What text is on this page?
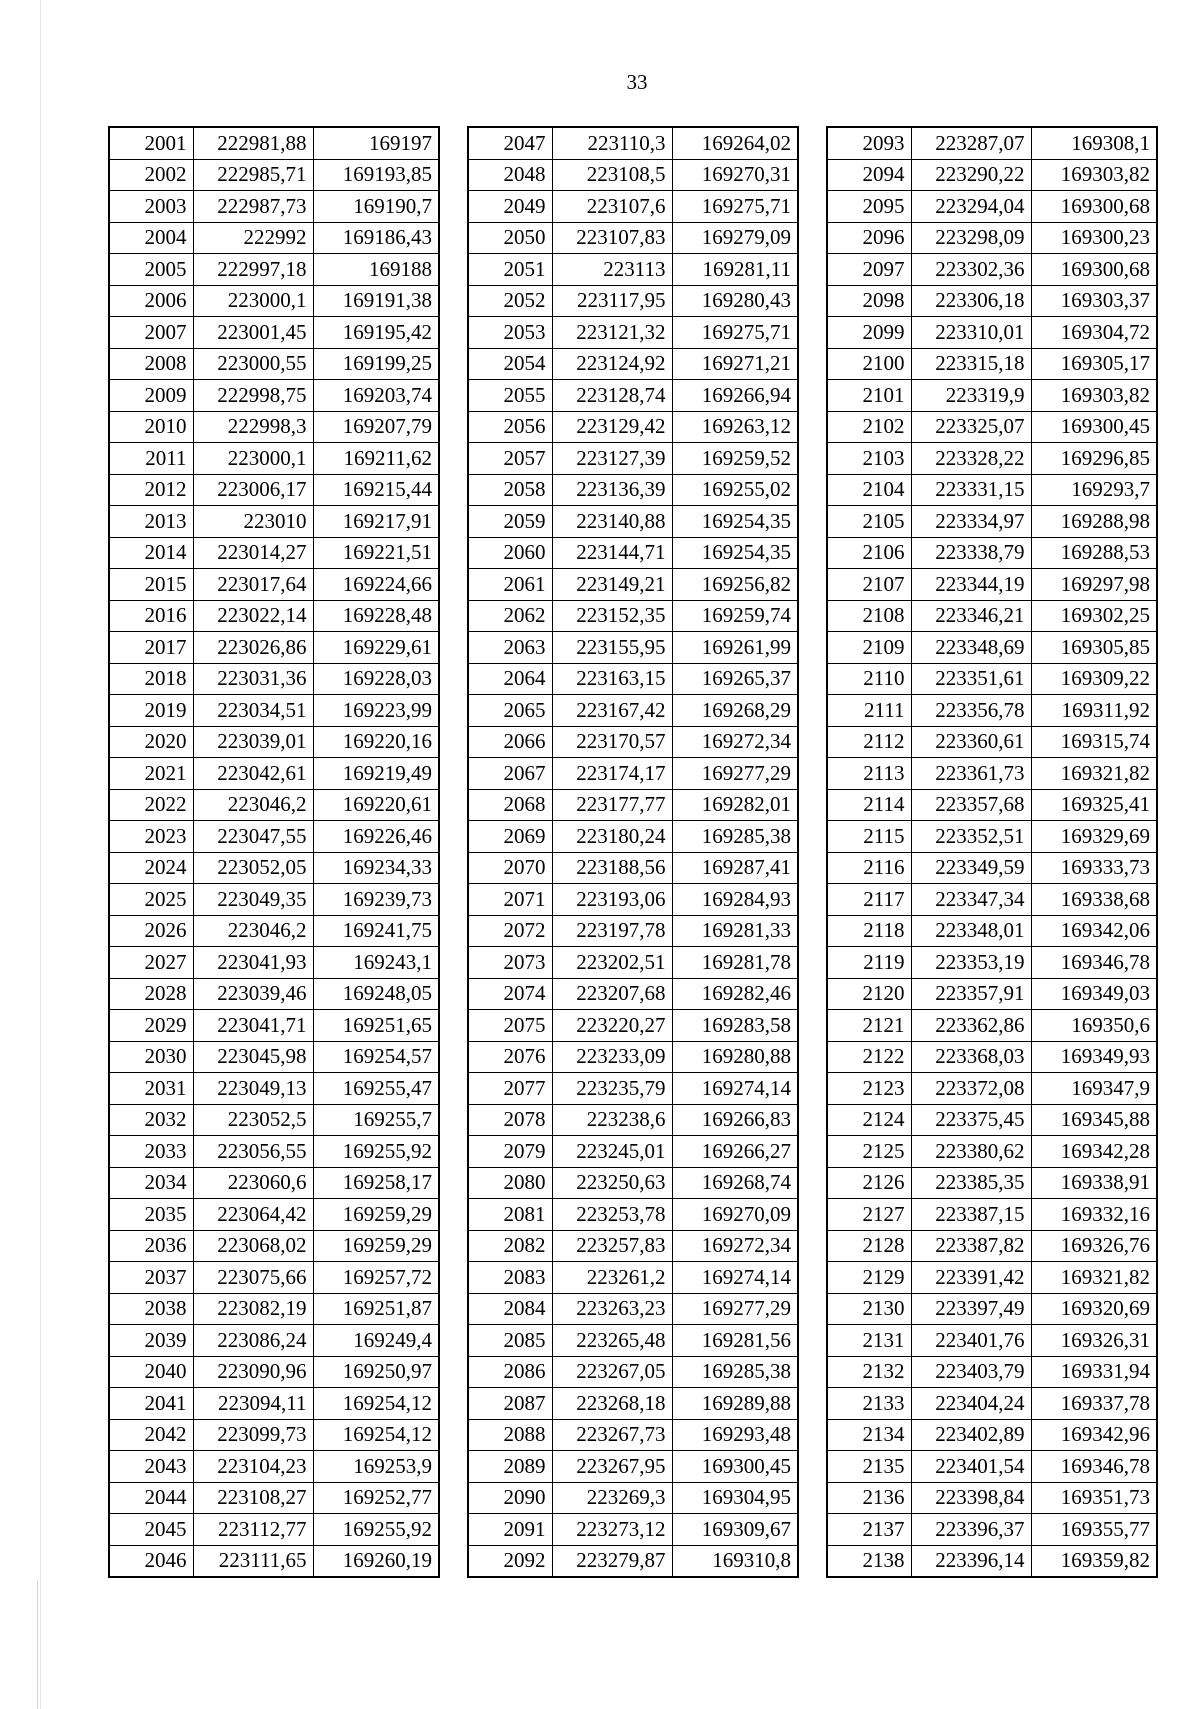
33
2001	222981,88	169197
2002	222985,71	169193,85
2003	222987,73	169190,7
2004	222992	169186,43
2005	222997,18	169188
2006	223000,1	169191,38
2007	223001,45	169195,42
2008	223000,55	169199,25
2009	222998,75	169203,74
2010	222998,3	169207,79
2011	223000,1	169211,62
2012	223006,17	169215,44
2013	223010	169217,91
2014	223014,27	169221,51
2015	223017,64	169224,66
2016	223022,14	169228,48
2017	223026,86	169229,61
2018	223031,36	169228,03
2019	223034,51	169223,99
2020	223039,01	169220,16
2021	223042,61	169219,49
2022	223046,2	169220,61
2023	223047,55	169226,46
2024	223052,05	169234,33
2025	223049,35	169239,73
2026	223046,2	169241,75
2027	223041,93	169243,1
2028	223039,46	169248,05
2029	223041,71	169251,65
2030	223045,98	169254,57
2031	223049,13	169255,47
2032	223052,5	169255,7
2033	223056,55	169255,92
2034	223060,6	169258,17
2035	223064,42	169259,29
2036	223068,02	169259,29
2037	223075,66	169257,72
2038	223082,19	169251,87
2039	223086,24	169249,4
2040	223090,96	169250,97
2041	223094,11	169254,12
2042	223099,73	169254,12
2043	223104,23	169253,9
2044	223108,27	169252,77
2045	223112,77	169255,92
2046	223111,65	169260,19
2047	223110,3	169264,02
2048	223108,5	169270,31
2049	223107,6	169275,71
2050	223107,83	169279,09
2051	223113	169281,11
2052	223117,95	169280,43
2053	223121,32	169275,71
2054	223124,92	169271,21
2055	223128,74	169266,94
2056	223129,42	169263,12
2057	223127,39	169259,52
2058	223136,39	169255,02
2059	223140,88	169254,35
2060	223144,71	169254,35
2061	223149,21	169256,82
2062	223152,35	169259,74
2063	223155,95	169261,99
2064	223163,15	169265,37
2065	223167,42	169268,29
2066	223170,57	169272,34
2067	223174,17	169277,29
2068	223177,77	169282,01
2069	223180,24	169285,38
2070	223188,56	169287,41
2071	223193,06	169284,93
2072	223197,78	169281,33
2073	223202,51	169281,78
2074	223207,68	169282,46
2075	223220,27	169283,58
2076	223233,09	169280,88
2077	223235,79	169274,14
2078	223238,6	169266,83
2079	223245,01	169266,27
2080	223250,63	169268,74
2081	223253,78	169270,09
2082	223257,83	169272,34
2083	223261,2	169274,14
2084	223263,23	169277,29
2085	223265,48	169281,56
2086	223267,05	169285,38
2087	223268,18	169289,88
2088	223267,73	169293,48
2089	223267,95	169300,45
2090	223269,3	169304,95
2091	223273,12	169309,67
2092	223279,87	169310,8
2093	223287,07	169308,1
2094	223290,22	169303,82
2095	223294,04	169300,68
2096	223298,09	169300,23
2097	223302,36	169300,68
2098	223306,18	169303,37
2099	223310,01	169304,72
2100	223315,18	169305,17
2101	223319,9	169303,82
2102	223325,07	169300,45
2103	223328,22	169296,85
2104	223331,15	169293,7
2105	223334,97	169288,98
2106	223338,79	169288,53
2107	223344,19	169297,98
2108	223346,21	169302,25
2109	223348,69	169305,85
2110	223351,61	169309,22
2111	223356,78	169311,92
2112	223360,61	169315,74
2113	223361,73	169321,82
2114	223357,68	169325,41
2115	223352,51	169329,69
2116	223349,59	169333,73
2117	223347,34	169338,68
2118	223348,01	169342,06
2119	223353,19	169346,78
2120	223357,91	169349,03
2121	223362,86	169350,6
2122	223368,03	169349,93
2123	223372,08	169347,9
2124	223375,45	169345,88
2125	223380,62	169342,28
2126	223385,35	169338,91
2127	223387,15	169332,16
2128	223387,82	169326,76
2129	223391,42	169321,82
2130	223397,49	169320,69
2131	223401,76	169326,31
2132	223403,79	169331,94
2133	223404,24	169337,78
2134	223402,89	169342,96
2135	223401,54	169346,78
2136	223398,84	169351,73
2137	223396,37	169355,77
2138	223396,14	169359,82
